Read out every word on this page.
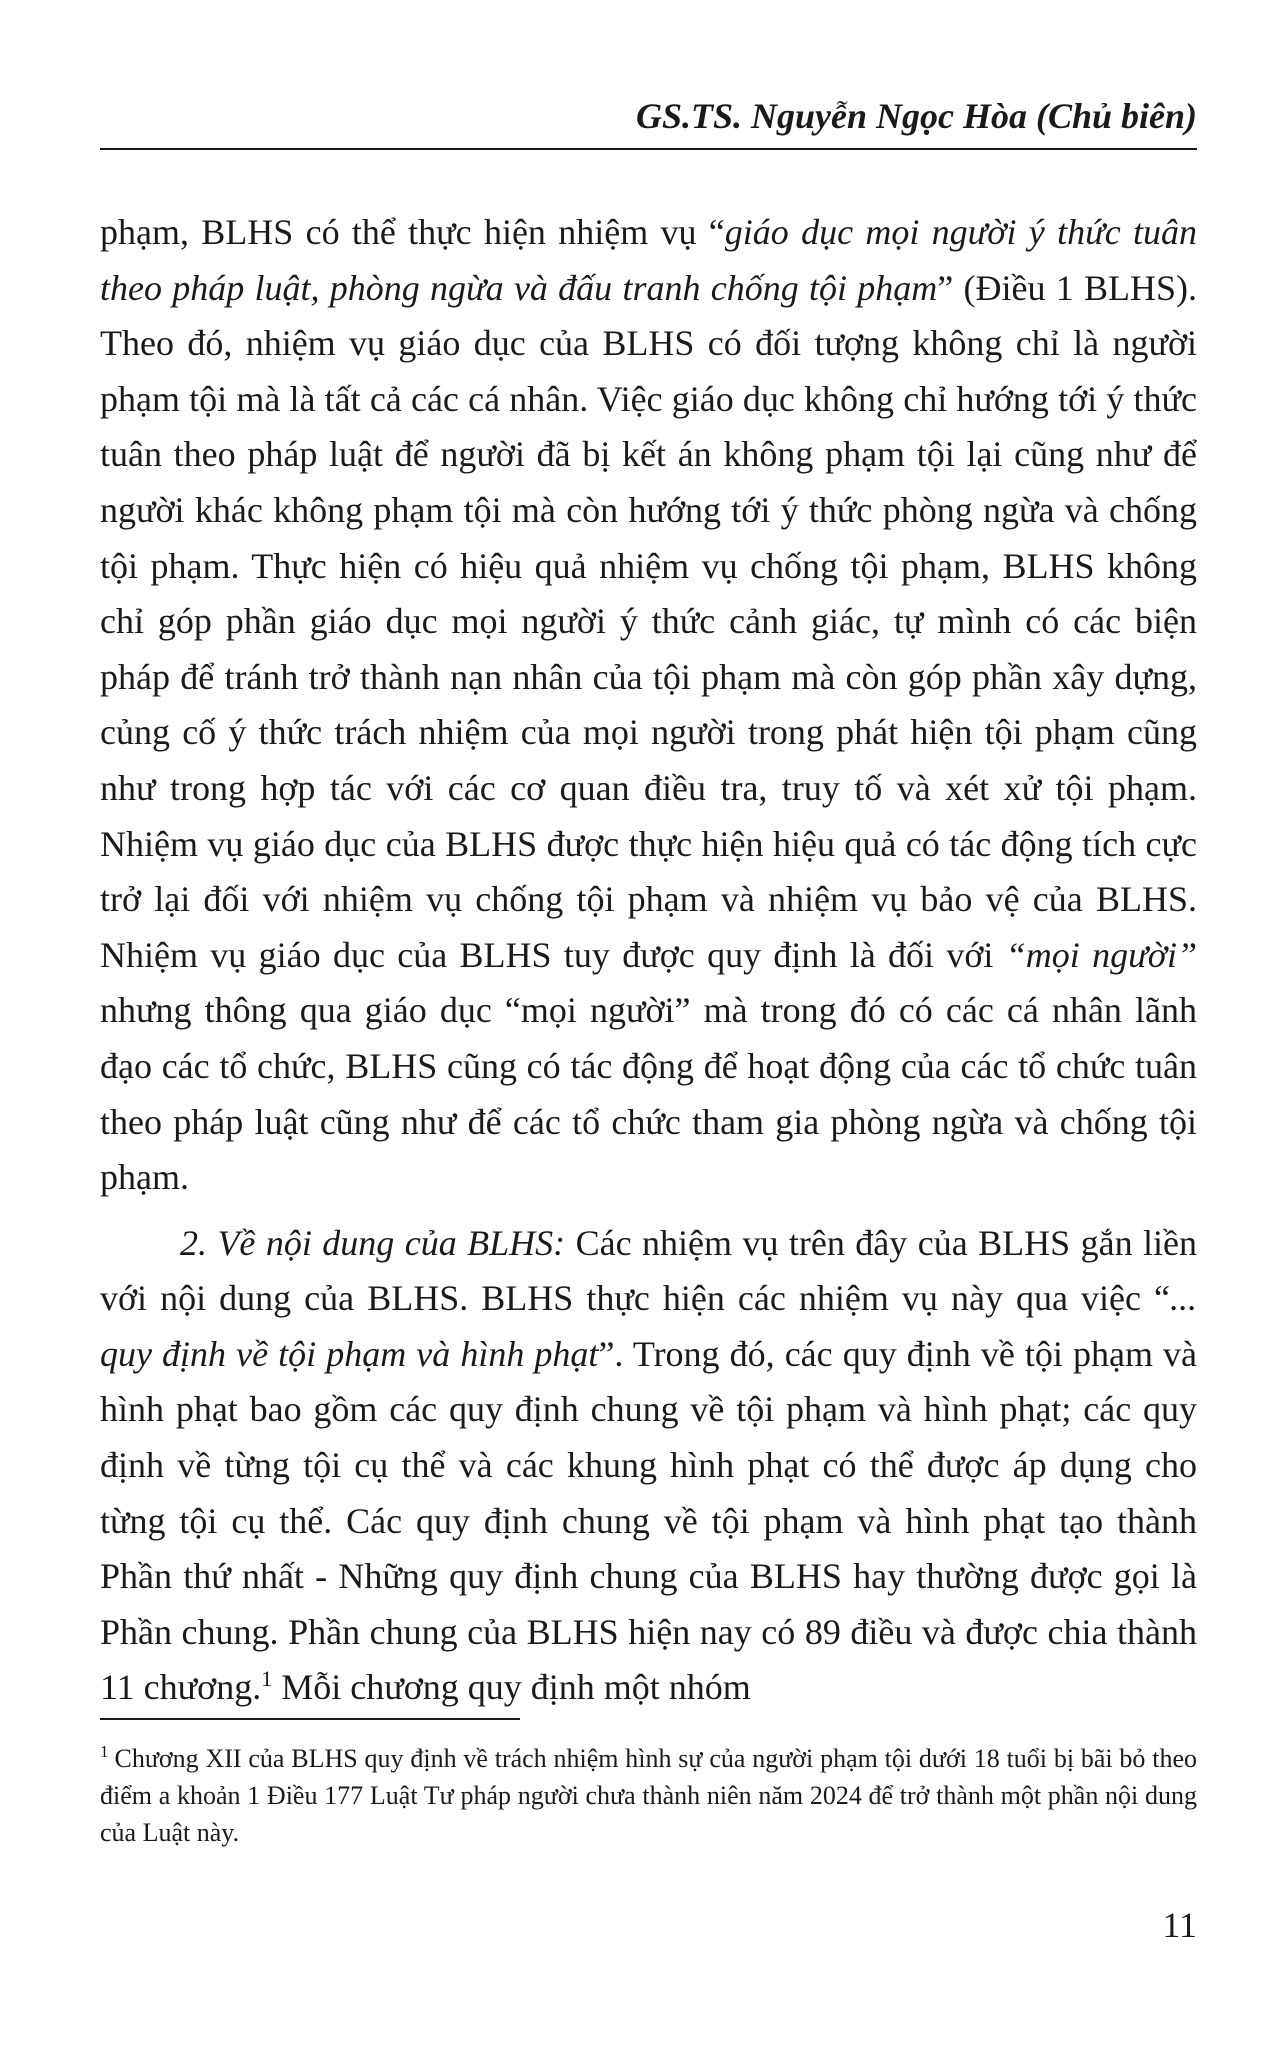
GS.TS. Nguyễn Ngọc Hòa (Chủ biên)

phạm, BLHS có thể thực hiện nhiệm vụ “giáo dục mọi người ý thức tuân theo pháp luật, phòng ngừa và đấu tranh chống tội phạm” (Điều 1 BLHS). Theo đó, nhiệm vụ giáo dục của BLHS có đối tượng không chỉ là người phạm tội mà là tất cả các cá nhân. Việc giáo dục không chỉ hướng tới ý thức tuân theo pháp luật để người đã bị kết án không phạm tội lại cũng như để người khác không phạm tội mà còn hướng tới ý thức phòng ngừa và chống tội phạm. Thực hiện có hiệu quả nhiệm vụ chống tội phạm, BLHS không chỉ góp phần giáo dục mọi người ý thức cảnh giác, tự mình có các biện pháp để tránh trở thành nạn nhân của tội phạm mà còn góp phần xây dựng, củng cố ý thức trách nhiệm của mọi người trong phát hiện tội phạm cũng như trong hợp tác với các cơ quan điều tra, truy tố và xét xử tội phạm. Nhiệm vụ giáo dục của BLHS được thực hiện hiệu quả có tác động tích cực trở lại đối với nhiệm vụ chống tội phạm và nhiệm vụ bảo vệ của BLHS. Nhiệm vụ giáo dục của BLHS tuy được quy định là đối với “mọi người” nhưng thông qua giáo dục “mọi người” mà trong đó có các cá nhân lãnh đạo các tổ chức, BLHS cũng có tác động để hoạt động của các tổ chức tuân theo pháp luật cũng như để các tổ chức tham gia phòng ngừa và chống tội phạm.

2. Về nội dung của BLHS: Các nhiệm vụ trên đây của BLHS gắn liền với nội dung của BLHS. BLHS thực hiện các nhiệm vụ này qua việc “... quy định về tội phạm và hình phạt”. Trong đó, các quy định về tội phạm và hình phạt bao gồm các quy định chung về tội phạm và hình phạt; các quy định về từng tội cụ thể và các khung hình phạt có thể được áp dụng cho từng tội cụ thể. Các quy định chung về tội phạm và hình phạt tạo thành Phần thứ nhất - Những quy định chung của BLHS hay thường được gọi là Phần chung. Phần chung của BLHS hiện nay có 89 điều và được chia thành 11 chương.$^1$ Mỗi chương quy định một nhóm

$^1$ Chương XII của BLHS quy định về trách nhiệm hình sự của người phạm tội dưới 18 tuổi bị bãi bỏ theo điểm a khoản 1 Điều 177 Luật Tư pháp người chưa thành niên năm 2024 để trở thành một phần nội dung của Luật này.
11
